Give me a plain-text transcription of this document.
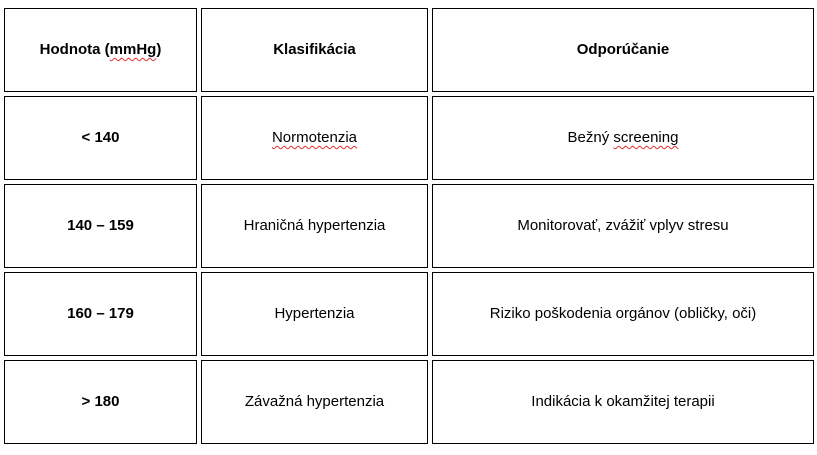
Hodnota ( mmHg )	Klasifikácia	Odporúčanie
< 140	Normotenzia	Bežný screening
140 – 159	Hraničná hypertenzia	Monitorovať, zvážiť vplyv stresu
160 – 179	Hypertenzia	Riziko poškodenia orgánov (obličky, oči)
> 180	Závažná hypertenzia	Indikácia k okamžitej terapii
